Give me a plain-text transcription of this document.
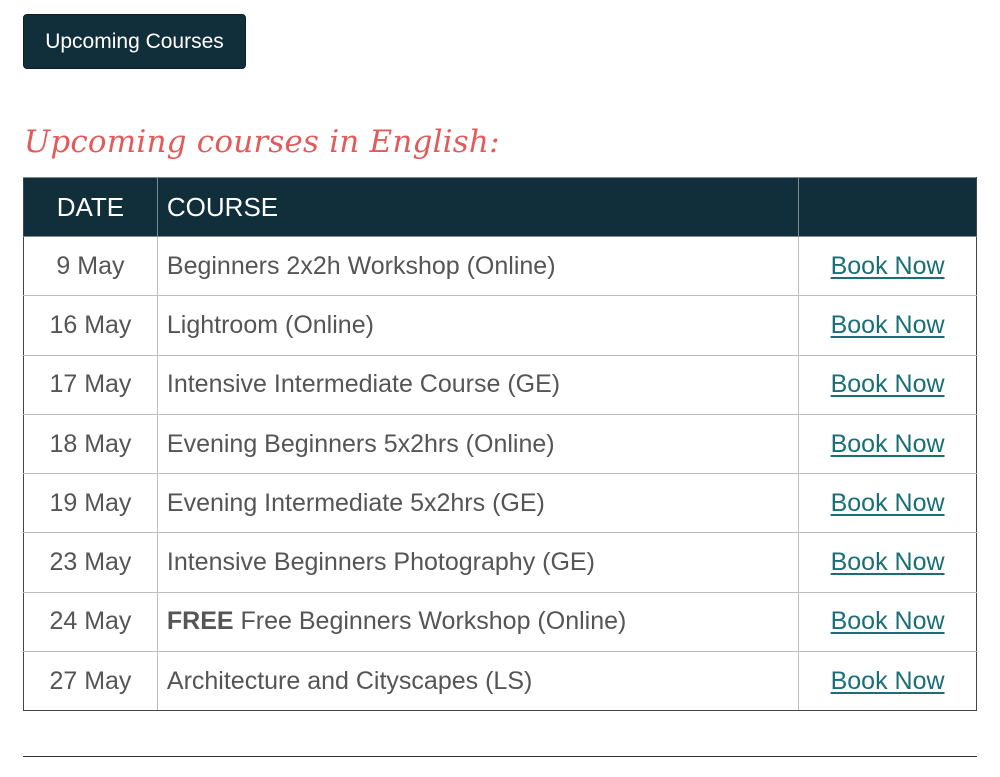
Upcoming Courses
Upcoming courses in English:
DATE	COURSE	
9 May	Beginners 2x2h Workshop (Online)	Book Now
16 May	Lightroom (Online)	Book Now
17 May	Intensive Intermediate Course (GE)	Book Now
18 May	Evening Beginners 5x2hrs (Online)	Book Now
19 May	Evening Intermediate 5x2hrs (GE)	Book Now
23 May	Intensive Beginners Photography (GE)	Book Now
24 May	FREE Free Beginners Workshop (Online)	Book Now
27 May	Architecture and Cityscapes (LS)	Book Now
